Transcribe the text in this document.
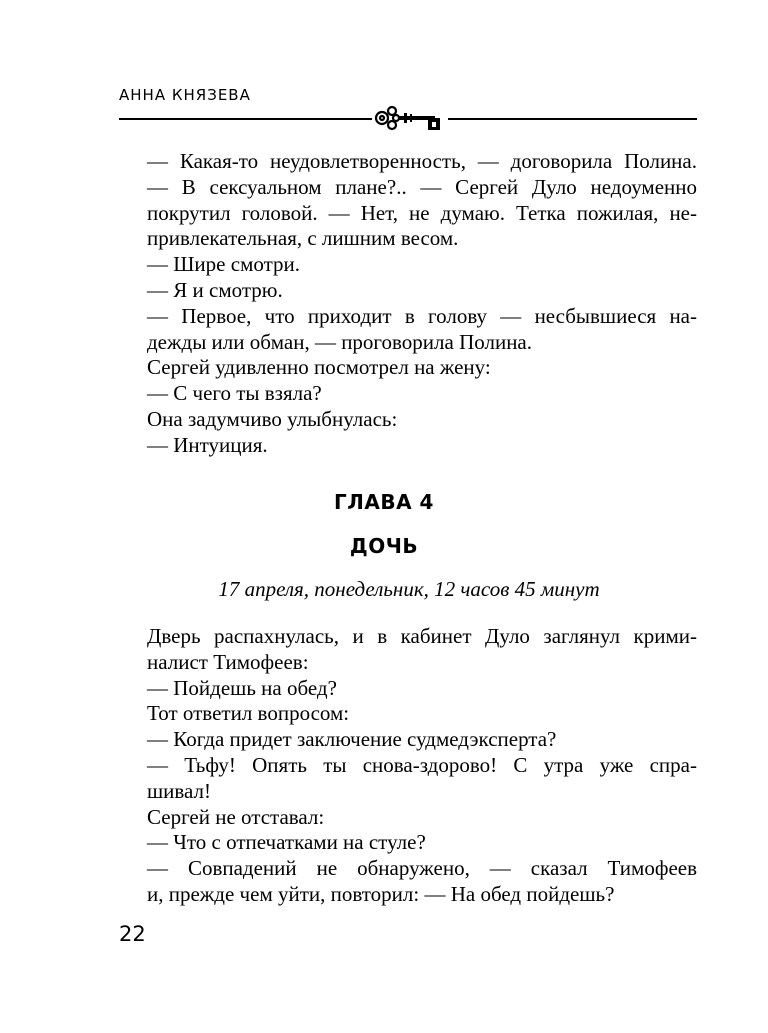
АННА КНЯЗЕВА

— Какая-то неудовлетворенность, — договорила Полина.

— В сексуальном плане?.. — Сергей Дуло недоуменно

покрутил головой. — Нет, не думаю. Тетка пожилая, не-

привлекательная, с лишним весом.

— Шире смотри.

— Я и смотрю.

— Первое, что приходит в голову — несбывшиеся на-

дежды или обман, — проговорила Полина.

Сергей удивленно посмотрел на жену:

— С чего ты взяла?

Она задумчиво улыбнулась:

— Интуиция.

ГЛАВА 4
ДОЧЬ
17 апреля, понедельник, 12 часов 45 минут

Дверь распахнулась, и в кабинет Дуло заглянул крими-

налист Тимофеев:

— Пойдешь на обед?

Тот ответил вопросом:

— Когда придет заключение судмедэксперта?

— Тьфу! Опять ты снова-здорово! С утра уже спра-

шивал!

Сергей не отставал:

— Что с отпечатками на стуле?

— Совпадений не обнаружено, — сказал Тимофеев

и, прежде чем уйти, повторил: — На обед пойдешь?

22
